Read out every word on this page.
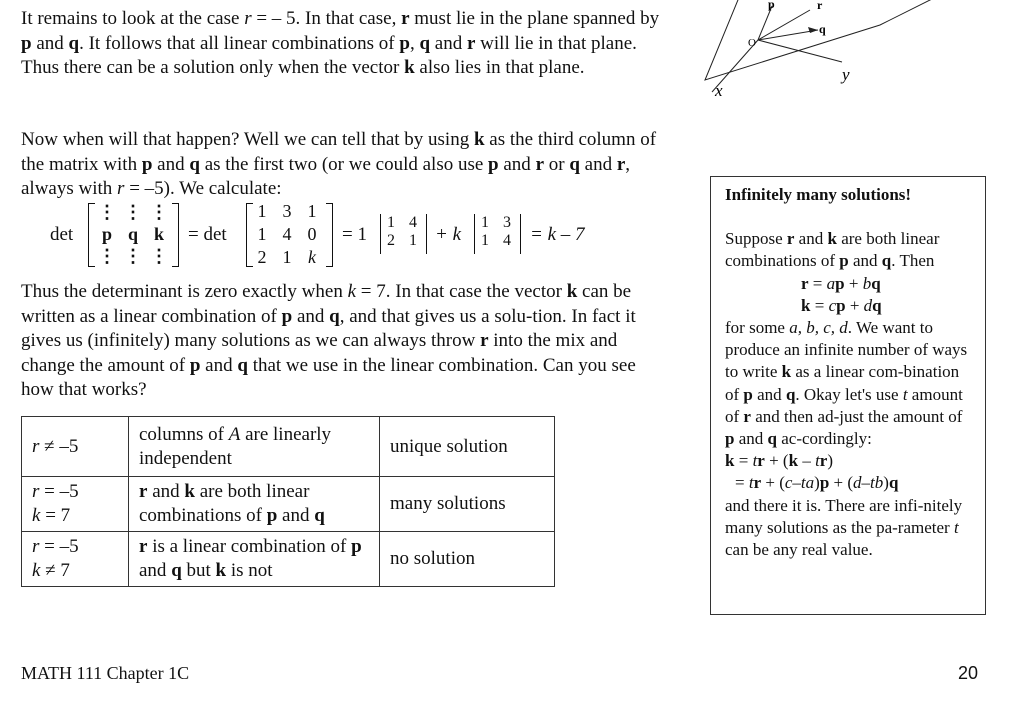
p	r
q
O
x
y

It remains to look at the case r = – 5. In that case, r must lie in the plane spanned by p and q. It follows that all linear combinations of p, q and r will lie in that plane. Thus there can be a solution only when the vector k also lies in that plane.

Now when will that happen? Well we can tell that by using k as the third column of the matrix with p and q as the first two (or we could also use p and r or q and r, always with r = –5). We calculate:

det
⋮ ⋮ ⋮
p q k
⋮ ⋮ ⋮
= det
1 3 1
1 4 0
2 1 k
= 1
1 4
2 1 + k
1 3
1 4	= k – 7

Thus the determinant is zero exactly when k = 7. In that case the vector k can be written as a linear combination of p and q, and that gives us a solu-tion. In fact it gives us (infinitely) many solutions as we can always throw r into the mix and change the amount of p and q that we use in the linear combination. Can you see how that works?

r ≠ –5	columns of A are linearly independent	unique solution
r = –5
k = 7	r and k are both linear combinations of p and q	many solutions
r = –5
k ≠ 7	r is a linear combination of p and q but k is not	no solution

Infinitely many solutions!

Suppose r and k are both linear combinations of p and q. Then

r = ap + bq

k = cp + dq

for some a, b, c, d. We want to produce an infinite number of ways to write k as a linear com-bination of p and q. Okay let's use t amount of r and then ad-just the amount of p and q ac-cordingly:

k = tr + (k – tr)

= tr + (c–ta)p + (d–tb)q

and there it is. There are infi-nitely many solutions as the pa-rameter t can be any real value.

MATH 111 Chapter 1C	20
